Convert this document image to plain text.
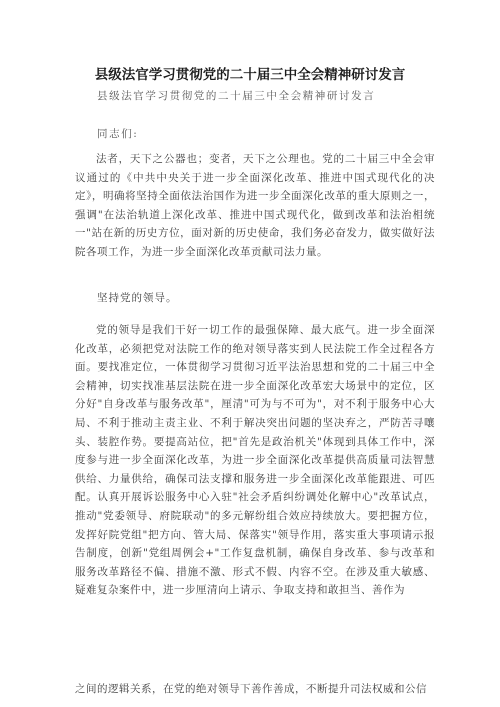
县级法官学习贯彻党的二十届三中全会精神研讨发言
县级法官学习贯彻党的二十届三中全会精神研讨发言
同志们:

法者，天下之公器也；变者，天下之公理也。党的二十届三中全会审议通过的《中共中央关于进一步全面深化改革、推进中国式现代化的决定》，明确将坚持全面依法治国作为进一步全面深化改革的重大原则之一，强调"在法治轨道上深化改革、推进中国式现代化，做到改革和法治相统一"站在新的历史方位，面对新的历史使命，我们务必奋发力，做实做好法院各项工作，为进一步全面深化改革贡献司法力量。

坚持党的领导。

党的领导是我们干好一切工作的最强保障、最大底气。进一步全面深化改革，必须把党对法院工作的绝对领导落实到人民法院工作全过程各方面。要找准定位，一体贯彻学习贯彻习近平法治思想和党的二十届三中全会精神，切实找准基层法院在进一步全面深化改革宏大场景中的定位，区分好"自身改革与服务改革"，厘清"可为与不可为"，对不利于服务中心大局、不利于推动主责主业、不利于解决突出问题的坚决弃之，严防苦寻嚷头、装腔作势。要提高站位，把"首先是政治机关"体现到具体工作中，深度参与进一步全面深化改革，为进一步全面深化改革提供高质量司法智慧供给、力量供给，确保司法支撑和服务进一步全面深化改革能跟进、可匹配。认真开展诉讼服务中心入驻"社会矛盾纠纷调处化解中心"改革试点，推动"党委领导、府院联动"的多元解纷组合效应持续放大。要把握方位，发挥好院党组"把方向、管大局、保落实"领导作用，落实重大事项请示报告制度，创新"党组周例会+"工作复盘机制，确保自身改革、参与改革和服务改革路径不偏、措施不激、形式不假、内容不空。在涉及重大敏感、疑难复杂案件中，进一步厘清向上请示、争取支持和敢担当、善作为

之间的逻辑关系，在党的绝对领导下善作善成，不断提升司法权威和公信
